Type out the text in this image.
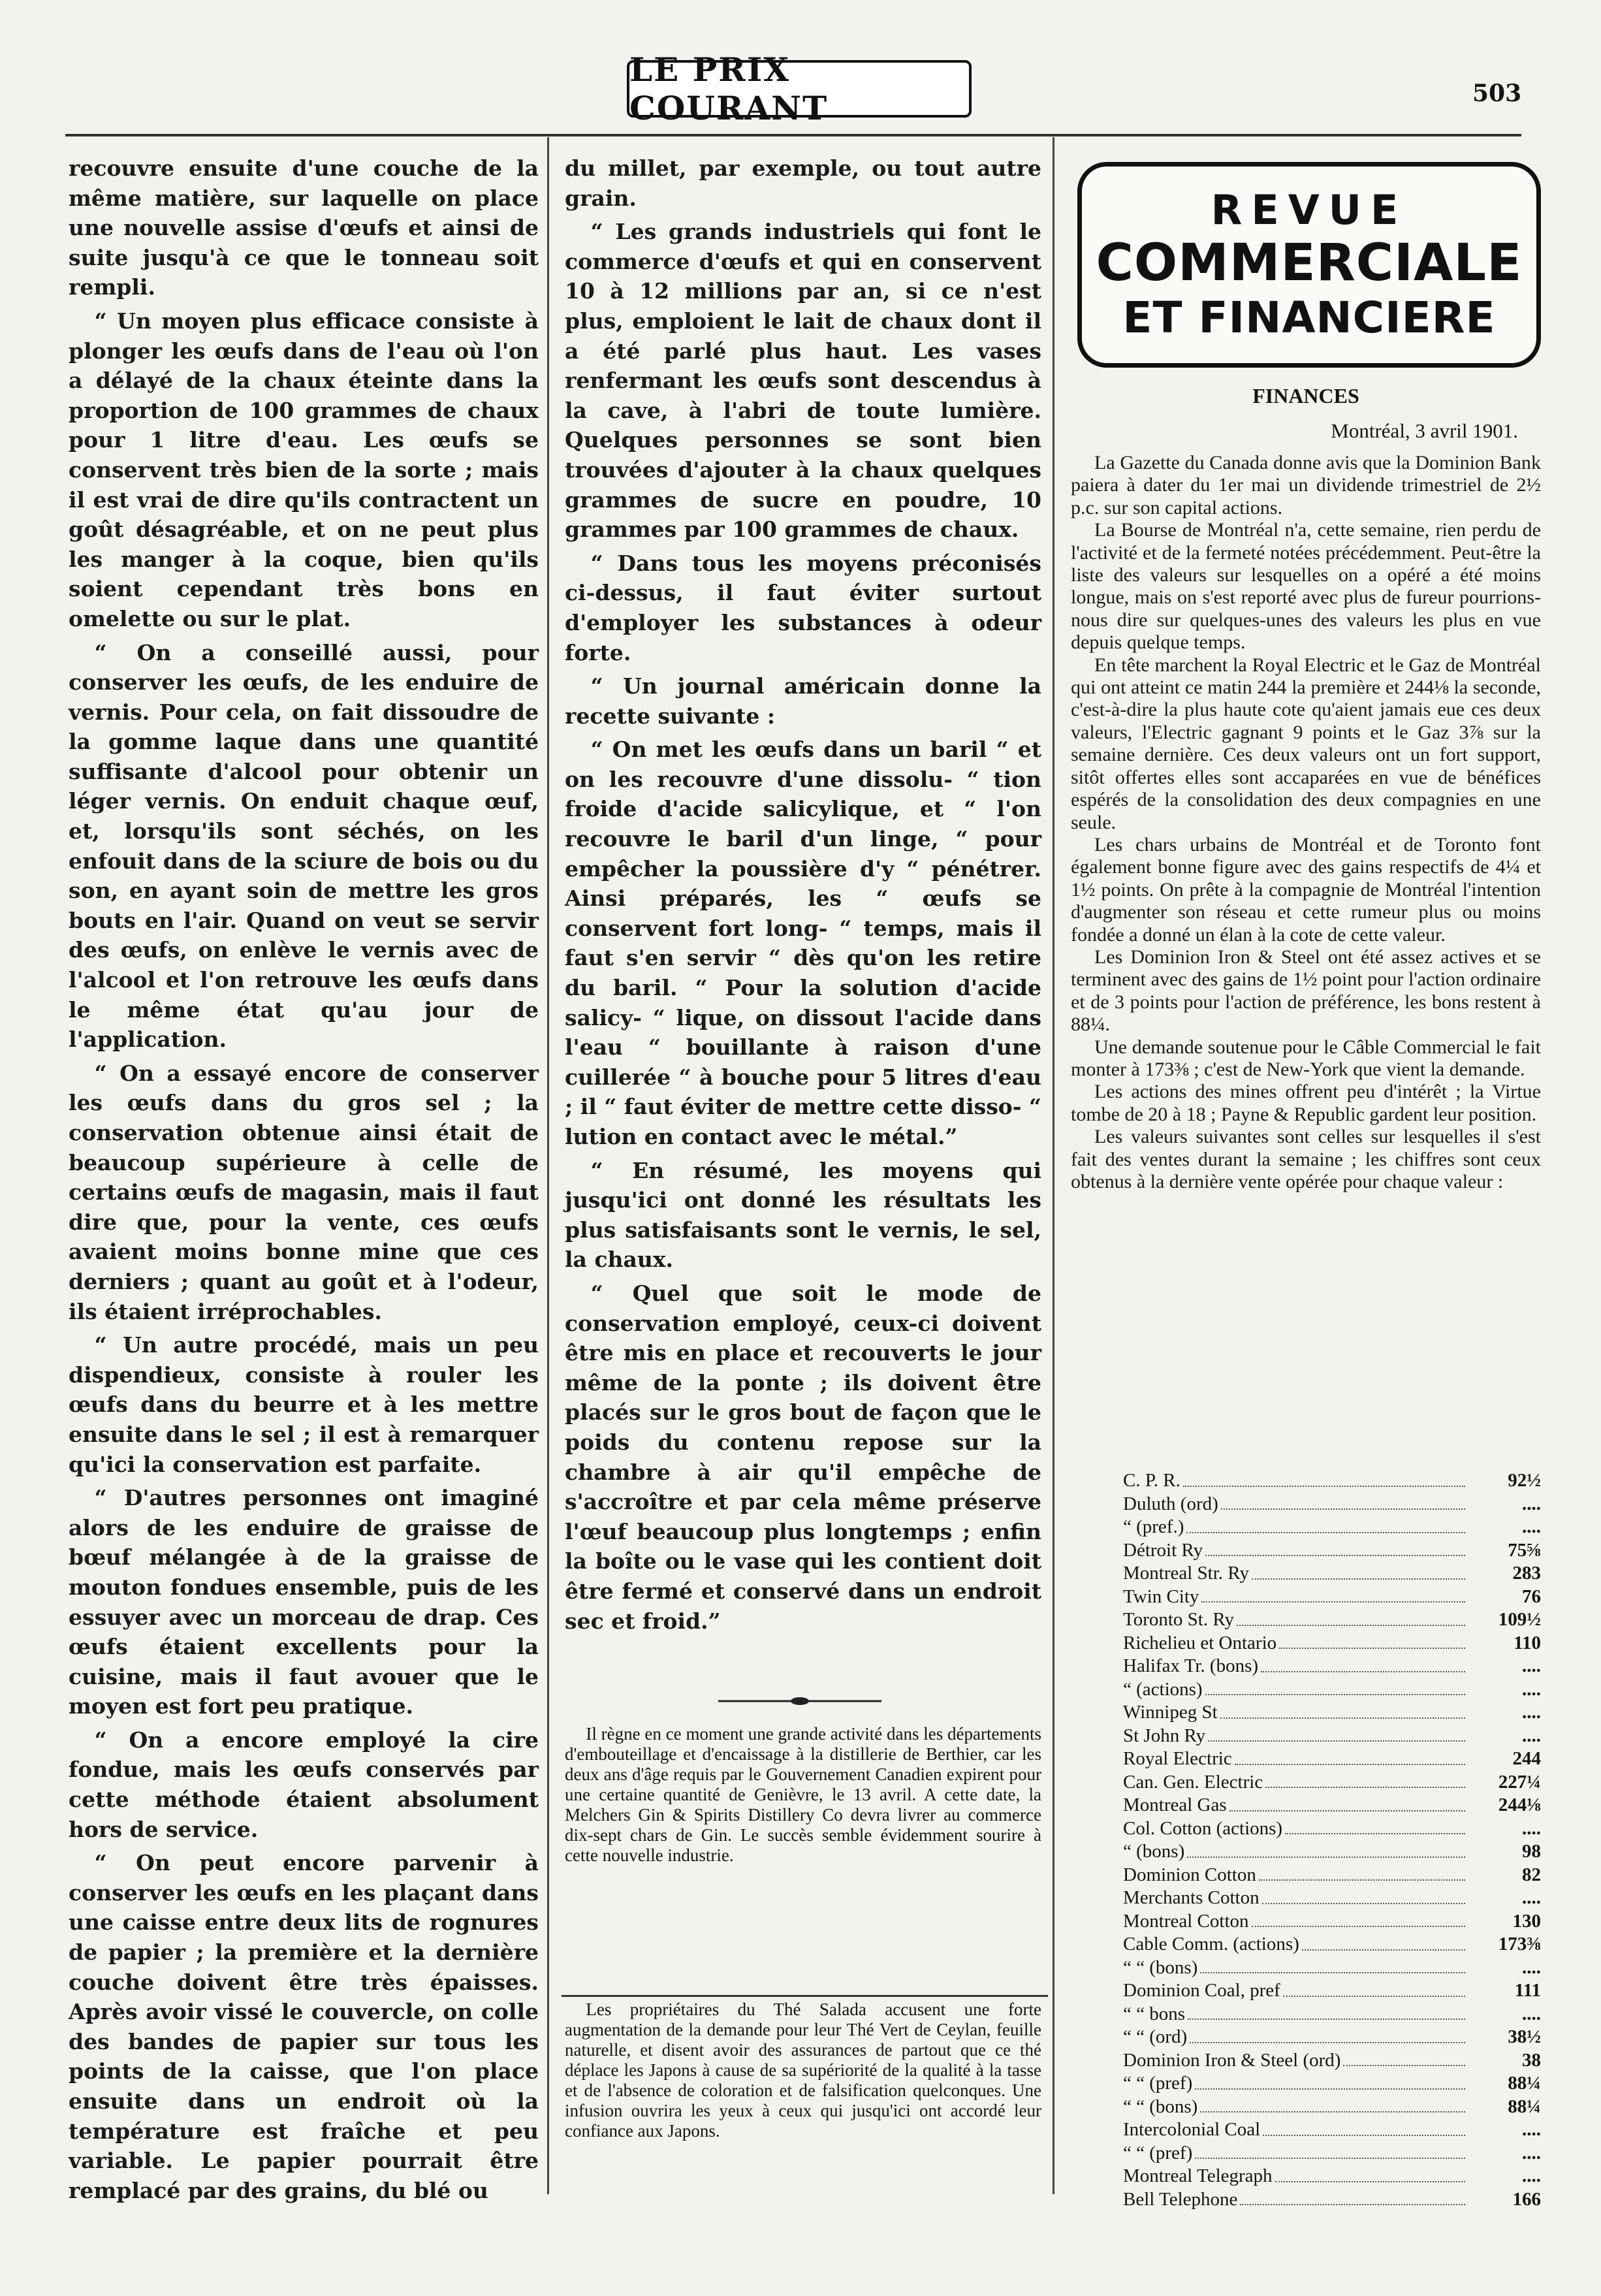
LE PRIX COURANT	503

recouvre ensuite d'une couche de la même matière, sur laquelle on place une nouvelle assise d'œufs et ainsi de suite jusqu'à ce que le tonneau soit rempli.

“ Un moyen plus efficace consiste à plonger les œufs dans de l'eau où l'on a délayé de la chaux éteinte dans la proportion de 100 grammes de chaux pour 1 litre d'eau. Les œufs se conservent très bien de la sorte ; mais il est vrai de dire qu'ils contractent un goût désagréable, et on ne peut plus les manger à la coque, bien qu'ils soient cependant très bons en omelette ou sur le plat.

“ On a conseillé aussi, pour conserver les œufs, de les enduire de vernis. Pour cela, on fait dissoudre de la gomme laque dans une quantité suffisante d'alcool pour obtenir un léger vernis. On enduit chaque œuf, et, lorsqu'ils sont séchés, on les enfouit dans de la sciure de bois ou du son, en ayant soin de mettre les gros bouts en l'air. Quand on veut se servir des œufs, on enlève le vernis avec de l'alcool et l'on retrouve les œufs dans le même état qu'au jour de l'application.

“ On a essayé encore de conserver les œufs dans du gros sel ; la conservation obtenue ainsi était de beaucoup supérieure à celle de certains œufs de magasin, mais il faut dire que, pour la vente, ces œufs avaient moins bonne mine que ces derniers ; quant au goût et à l'odeur, ils étaient irréprochables.

“ Un autre procédé, mais un peu dispendieux, consiste à rouler les œufs dans du beurre et à les mettre ensuite dans le sel ; il est à remarquer qu'ici la conservation est parfaite.

“ D'autres personnes ont imaginé alors de les enduire de graisse de bœuf mélangée à de la graisse de mouton fondues ensemble, puis de les essuyer avec un morceau de drap. Ces œufs étaient excellents pour la cuisine, mais il faut avouer que le moyen est fort peu pratique.

“ On a encore employé la cire fondue, mais les œufs conservés par cette méthode étaient absolument hors de service.

“ On peut encore parvenir à conserver les œufs en les plaçant dans une caisse entre deux lits de rognures de papier ; la première et la dernière couche doivent être très épaisses. Après avoir vissé le couvercle, on colle des bandes de papier sur tous les points de la caisse, que l'on place ensuite dans un endroit où la température est fraîche et peu variable. Le papier pourrait être remplacé par des grains, du blé ou

du millet, par exemple, ou tout autre grain.

“ Les grands industriels qui font le commerce d'œufs et qui en conservent 10 à 12 millions par an, si ce n'est plus, emploient le lait de chaux dont il a été parlé plus haut. Les vases renfermant les œufs sont descendus à la cave, à l'abri de toute lumière. Quelques personnes se sont bien trouvées d'ajouter à la chaux quelques grammes de sucre en poudre, 10 grammes par 100 grammes de chaux.

“ Dans tous les moyens préconisés ci-dessus, il faut éviter surtout d'employer les substances à odeur forte.

“ Un journal américain donne la recette suivante :

“ On met les œufs dans un baril “ et on les recouvre d'une dissolu- “ tion froide d'acide salicylique, et “ l'on recouvre le baril d'un linge, “ pour empêcher la poussière d'y “ pénétrer. Ainsi préparés, les “ œufs se conservent fort long- “ temps, mais il faut s'en servir “ dès qu'on les retire du baril. “ Pour la solution d'acide salicy- “ lique, on dissout l'acide dans l'eau “ bouillante à raison d'une cuillerée “ à bouche pour 5 litres d'eau ; il “ faut éviter de mettre cette disso- “ lution en contact avec le métal.”

“ En résumé, les moyens qui jusqu'ici ont donné les résultats les plus satisfaisants sont le vernis, le sel, la chaux.

“ Quel que soit le mode de conservation employé, ceux-ci doivent être mis en place et recouverts le jour même de la ponte ; ils doivent être placés sur le gros bout de façon que le poids du contenu repose sur la chambre à air qu'il empêche de s'accroître et par cela même préserve l'œuf beaucoup plus longtemps ; enfin la boîte ou le vase qui les contient doit être fermé et conservé dans un endroit sec et froid.”

Il règne en ce moment une grande activité dans les départements d'embouteillage et d'encaissage à la distillerie de Berthier, car les deux ans d'âge requis par le Gouvernement Canadien expirent pour une certaine quantité de Genièvre, le 13 avril. A cette date, la Melchers Gin & Spirits Distillery Co devra livrer au commerce dix-sept chars de Gin. Le succès semble évidemment sourire à cette nouvelle industrie.

Les propriétaires du Thé Salada accusent une forte augmentation de la demande pour leur Thé Vert de Ceylan, feuille naturelle, et disent avoir des assurances de partout que ce thé déplace les Japons à cause de sa supériorité de la qualité à la tasse et de l'absence de coloration et de falsification quelconques. Une infusion ouvrira les yeux à ceux qui jusqu'ici ont accordé leur confiance aux Japons.

REVUE
COMMERCIALE
ET FINANCIERE
FINANCES
Montréal, 3 avril 1901.

La Gazette du Canada donne avis que la Dominion Bank paiera à dater du 1er mai un dividende trimestriel de 2½ p.c. sur son capital actions.

La Bourse de Montréal n'a, cette semaine, rien perdu de l'activité et de la fermeté notées précédemment. Peut-être la liste des valeurs sur lesquelles on a opéré a été moins longue, mais on s'est reporté avec plus de fureur pourrions-nous dire sur quelques-unes des valeurs les plus en vue depuis quelque temps.

En tête marchent la Royal Electric et le Gaz de Montréal qui ont atteint ce matin 244 la première et 244⅛ la seconde, c'est-à-dire la plus haute cote qu'aient jamais eue ces deux valeurs, l'Electric gagnant 9 points et le Gaz 3⅞ sur la semaine dernière. Ces deux valeurs ont un fort support, sitôt offertes elles sont accaparées en vue de bénéfices espérés de la consolidation des deux compagnies en une seule.

Les chars urbains de Montréal et de Toronto font également bonne figure avec des gains respectifs de 4¼ et 1½ points. On prête à la compagnie de Montréal l'intention d'augmenter son réseau et cette rumeur plus ou moins fondée a donné un élan à la cote de cette valeur.

Les Dominion Iron & Steel ont été assez actives et se terminent avec des gains de 1½ point pour l'action ordinaire et de 3 points pour l'action de préférence, les bons restent à 88¼.

Une demande soutenue pour le Câble Commercial le fait monter à 173⅜ ; c'est de New-York que vient la demande.

Les actions des mines offrent peu d'intérêt ; la Virtue tombe de 20 à 18 ; Payne & Republic gardent leur position.

Les valeurs suivantes sont celles sur lesquelles il s'est fait des ventes durant la semaine ; les chiffres sont ceux obtenus à la dernière vente opérée pour chaque valeur :

C. P. R.	92½
Duluth (ord)	....
“ (pref.)	....
Détroit Ry	75⅝
Montreal Str. Ry	283
Twin City	76
Toronto St. Ry	109½
Richelieu et Ontario	110
Halifax Tr. (bons)	....
“ (actions)	....
Winnipeg St	....
St John Ry	....
Royal Electric	244
Can. Gen. Electric	227¼
Montreal Gas	244⅛
Col. Cotton (actions)	....
“ (bons)	98
Dominion Cotton	82
Merchants Cotton	....
Montreal Cotton	130
Cable Comm. (actions)	173⅜
“ “ (bons)	....
Dominion Coal, pref	111
“ “ bons	....
“ “ (ord)	38½
Dominion Iron & Steel (ord)	38
“ “ (pref)	88¼
“ “ (bons)	88¼
Intercolonial Coal	....
“ “ (pref)	....
Montreal Telegraph	....
Bell Telephone	166
